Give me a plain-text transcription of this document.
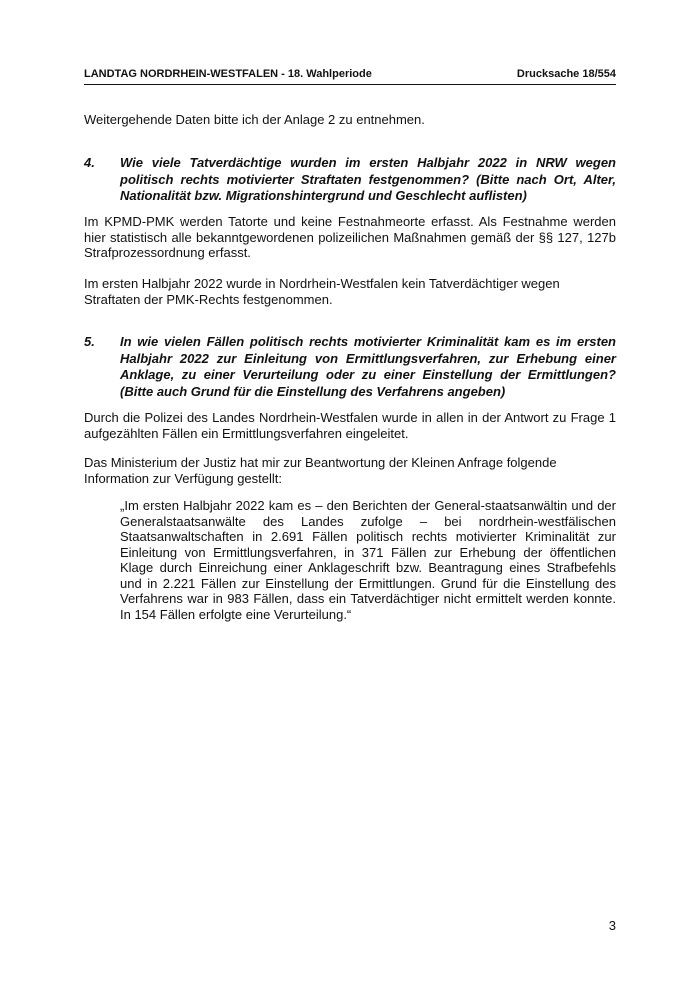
LANDTAG NORDRHEIN-WESTFALEN - 18. Wahlperiode	Drucksache 18/554
Weitergehende Daten bitte ich der Anlage 2 zu entnehmen.
4. Wie viele Tatverdächtige wurden im ersten Halbjahr 2022 in NRW wegen politisch rechts motivierter Straftaten festgenommen? (Bitte nach Ort, Alter, Nationalität bzw. Migrationshintergrund und Geschlecht auflisten)
Im KPMD-PMK werden Tatorte und keine Festnahmeorte erfasst. Als Festnahme werden hier statistisch alle bekanntgewordenen polizeilichen Maßnahmen gemäß der §§ 127, 127b Strafprozessordnung erfasst.
Im ersten Halbjahr 2022 wurde in Nordrhein-Westfalen kein Tatverdächtiger wegen Straftaten der PMK-Rechts festgenommen.
5. In wie vielen Fällen politisch rechts motivierter Kriminalität kam es im ersten Halbjahr 2022 zur Einleitung von Ermittlungsverfahren, zur Erhebung einer Anklage, zu einer Verurteilung oder zu einer Einstellung der Ermittlungen? (Bitte auch Grund für die Einstellung des Verfahrens angeben)
Durch die Polizei des Landes Nordrhein-Westfalen wurde in allen in der Antwort zu Frage 1 aufgezählten Fällen ein Ermittlungsverfahren eingeleitet.
Das Ministerium der Justiz hat mir zur Beantwortung der Kleinen Anfrage folgende Information zur Verfügung gestellt:
„Im ersten Halbjahr 2022 kam es – den Berichten der General-staatsanwältin und der Generalstaatsanwälte des Landes zufolge – bei nordrhein-westfälischen Staatsanwaltschaften in 2.691 Fällen politisch rechts motivierter Kriminalität zur Einleitung von Ermittlungsverfahren, in 371 Fällen zur Erhebung der öffentlichen Klage durch Einreichung einer Anklageschrift bzw. Beantragung eines Strafbefehls und in 2.221 Fällen zur Einstellung der Ermittlungen. Grund für die Einstellung des Verfahrens war in 983 Fällen, dass ein Tatverdächtiger nicht ermittelt werden konnte. In 154 Fällen erfolgte eine Verurteilung.“
3
